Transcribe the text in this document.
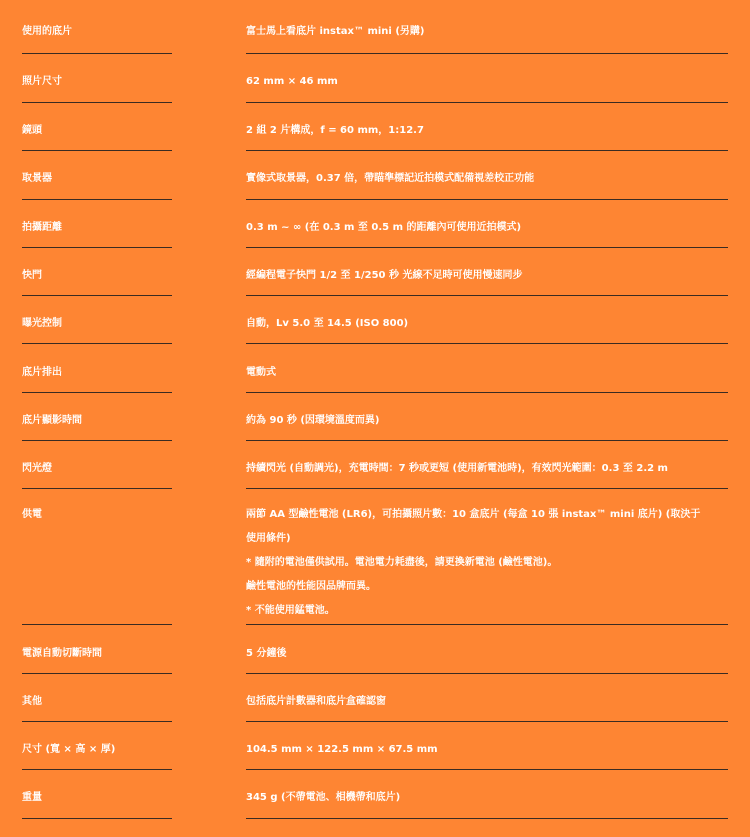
使用的底片	富士馬上看底片 instax™ mini (另購)
照片尺寸	62 mm × 46 mm
鏡頭	2 組 2 片構成，f = 60 mm，1:12.7
取景器	實像式取景器，0.37 倍，帶瞄準標記近拍模式配備視差校正功能
拍攝距離	0.3 m ~ ∞ (在 0.3 m 至 0.5 m 的距離內可使用近拍模式)
快門	經編程電子快門 1/2 至 1/250 秒 光線不足時可使用慢速同步
曝光控制	自動，Lv 5.0 至 14.5 (ISO 800)
底片排出	電動式
底片顯影時間	約為 90 秒 (因環境溫度而異)
閃光燈	持續閃光 (自動調光)，充電時間：7 秒或更短 (使用新電池時)，有效閃光範圍：0.3 至 2.2 m
供電	兩節 AA 型鹼性電池 (LR6)，可拍攝照片數：10 盒底片 (每盒 10 張 instax™ mini 底片) (取決于
使用條件)
* 隨附的電池僅供試用。電池電力耗盡後，請更換新電池 (鹼性電池)。
鹼性電池的性能因品牌而異。
* 不能使用錳電池。
電源自動切斷時間	5 分鐘後
其他	包括底片計數器和底片盒確認窗
尺寸 (寬 × 高 × 厚)	104.5 mm × 122.5 mm × 67.5 mm
重量	345 g (不帶電池、相機帶和底片)
